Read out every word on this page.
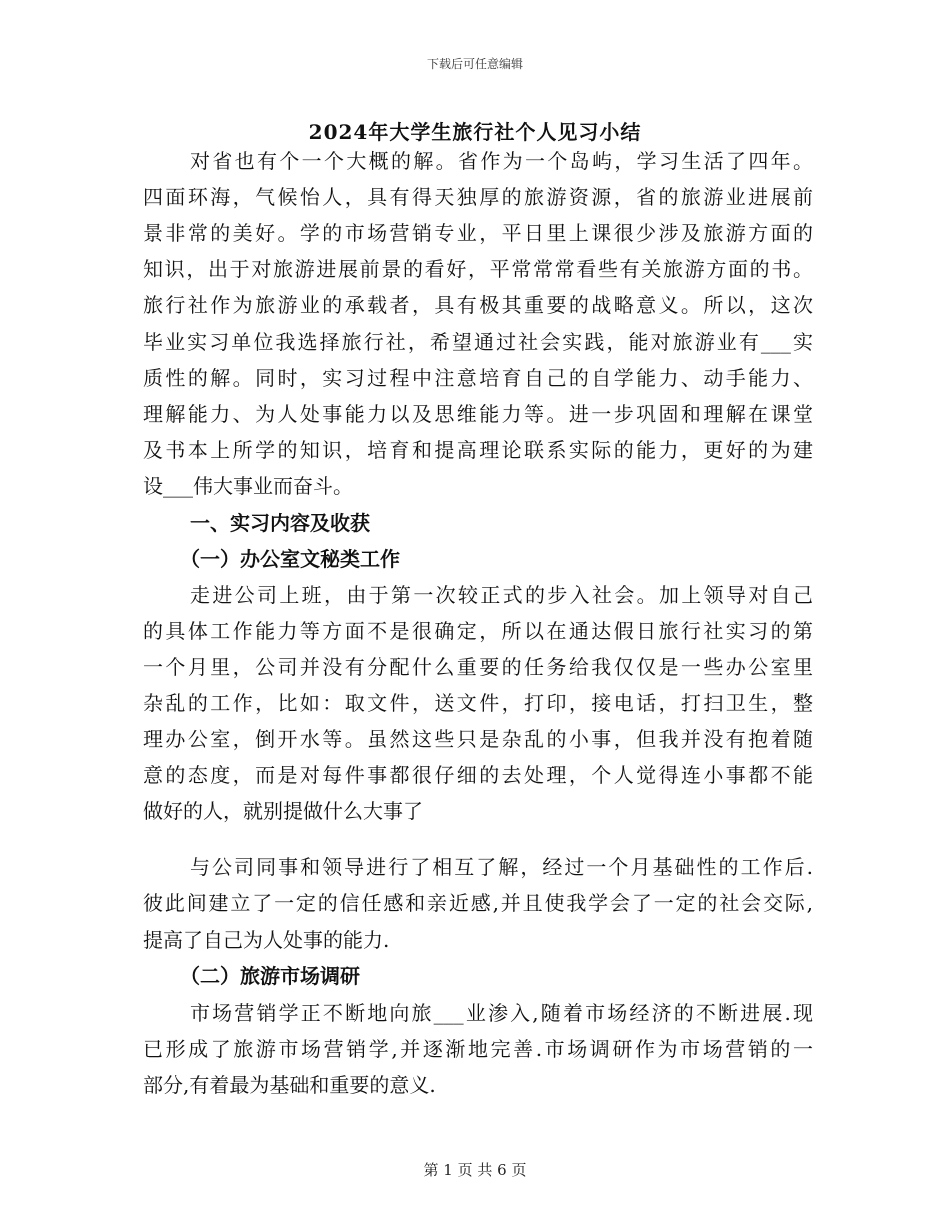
下载后可任意编辑
2024年大学生旅行社个人见习小结
对省也有个一个大概的解。省作为一个岛屿，学习生活了四年。
四面环海，气候怡人，具有得天独厚的旅游资源，省的旅游业进展前
景非常的美好。学的市场营销专业，平日里上课很少涉及旅游方面的
知识，出于对旅游进展前景的看好，平常常常看些有关旅游方面的书。
旅行社作为旅游业的承载者，具有极其重要的战略意义。所以，这次
毕业实习单位我选择旅行社，希望通过社会实践，能对旅游业有___实
质性的解。同时，实习过程中注意培育自己的自学能力、动手能力、
理解能力、为人处事能力以及思维能力等。进一步巩固和理解在课堂
及书本上所学的知识，培育和提高理论联系实际的能力，更好的为建
设___伟大事业而奋斗。
一、实习内容及收获
（一）办公室文秘类工作
走进公司上班，由于第一次较正式的步入社会。加上领导对自己
的具体工作能力等方面不是很确定，所以在通达假日旅行社实习的第
一个月里，公司并没有分配什么重要的任务给我仅仅是一些办公室里
杂乱的工作，比如：取文件，送文件，打印，接电话，打扫卫生，整
理办公室，倒开水等。虽然这些只是杂乱的小事，但我并没有抱着随
意的态度，而是对每件事都很仔细的去处理，个人觉得连小事都不能
做好的人，就别提做什么大事了
与公司同事和领导进行了相互了解，经过一个月基础性的工作后.
彼此间建立了一定的信任感和亲近感,并且使我学会了一定的社会交际,
提高了自己为人处事的能力.
（二）旅游市场调研
市场营销学正不断地向旅___业渗入,随着市场经济的不断进展.现
已形成了旅游市场营销学,并逐渐地完善.市场调研作为市场营销的一
部分,有着最为基础和重要的意义.
第 1 页 共 6 页
